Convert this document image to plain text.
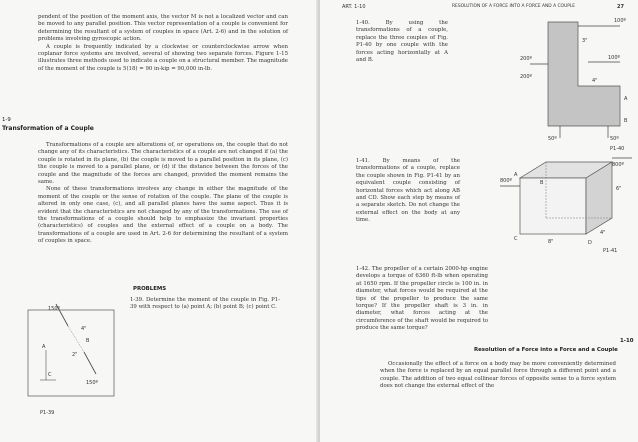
pendent of the position of the moment axis, the vector M is not a localized vector and can be moved to any parallel position. This vector representation of a couple is convenient for determining the resultant of a system of couples in space (Art. 2-6) and in the solution of problems involving gyroscopic action.

A couple is frequently indicated by a clockwise or counterclockwise arrow when coplanar force systems are involved, several of showing two separate forces. Figure 1-15 illustrates three methods used to indicate a couple on a structural member. The magnitude of the moment of the couple is 5(18) = 90 in-kip = 90,000 in-lb.

1-9
Transformation of a Couple

Transformations of a couple are alterations of, or operations on, the couple that do not change any of its characteristics. The characteristics of a couple are not changed if (a) the couple is rotated in its plane, (b) the couple is moved to a parallel position in its plane, (c) the couple is moved to a parallel plane, or (d) if the distance between the forces of the couple and the magnitude of the forces are changed, provided the moment remains the same.

None of these transformations involves any change in either the magnitude of the moment of the couple or the sense of rotation of the couple. The plane of the couple is altered in only one case, (c), and all parallel planes have the same aspect. Thus it is evident that the characteristics are not changed by any of the transformations. The use of the transformations of a couple should help to emphasize the invariant properties (characteristics) of couples and the external effect of a couple on a body. The transformations of a couple are used in Art. 2-6 for determining the resultant of a system of couples in space.

PROBLEMS

1-39. Determine the moment of the couple in Fig. P1-39 with respect to (a) point A; (b) point B; (c) point C.

150º
150º
4"
2"
A
B
C
P1-39
ART. 1-10	RESOLUTION OF A FORCE INTO A FORCE AND A COUPLE	27

1-40. By using the transformations of a couple, replace the three couples of Fig. P1-40 by one couple with the forces acting horizontally at A and B.

100º
3"
200º	100º
200º
4"
50º	50º
A
B
P1-40

1-41. By means of the transformations of a couple, replace the couple shown in Fig. P1-41 by an equivalent couple consisting of horizontal forces which act along AB and CD. Show each step by means of a separate sketch. Do not change the external effect on the body at any time.

800º
800º
6"
4"
8"
A
B
C
D
P1-41

1-42. The propeller of a certain 2000-hp engine develops a torque of 6360 ft-lb when operating at 1650 rpm. If the propeller circle is 100 in. in diameter, what forces would be required at the tips of the propeller to produce the same torque? If the propeller shaft is 3 in. in diameter, what forces acting at the circumference of the shaft would be required to produce the same torque?

1-10
Resolution of a Force into a Force and a Couple

Occasionally the effect of a force on a body may be more conveniently determined when the force is replaced by an equal parallel force through a different point and a couple. The addition of two equal collinear forces of opposite sense to a force system does not change the external effect of the
